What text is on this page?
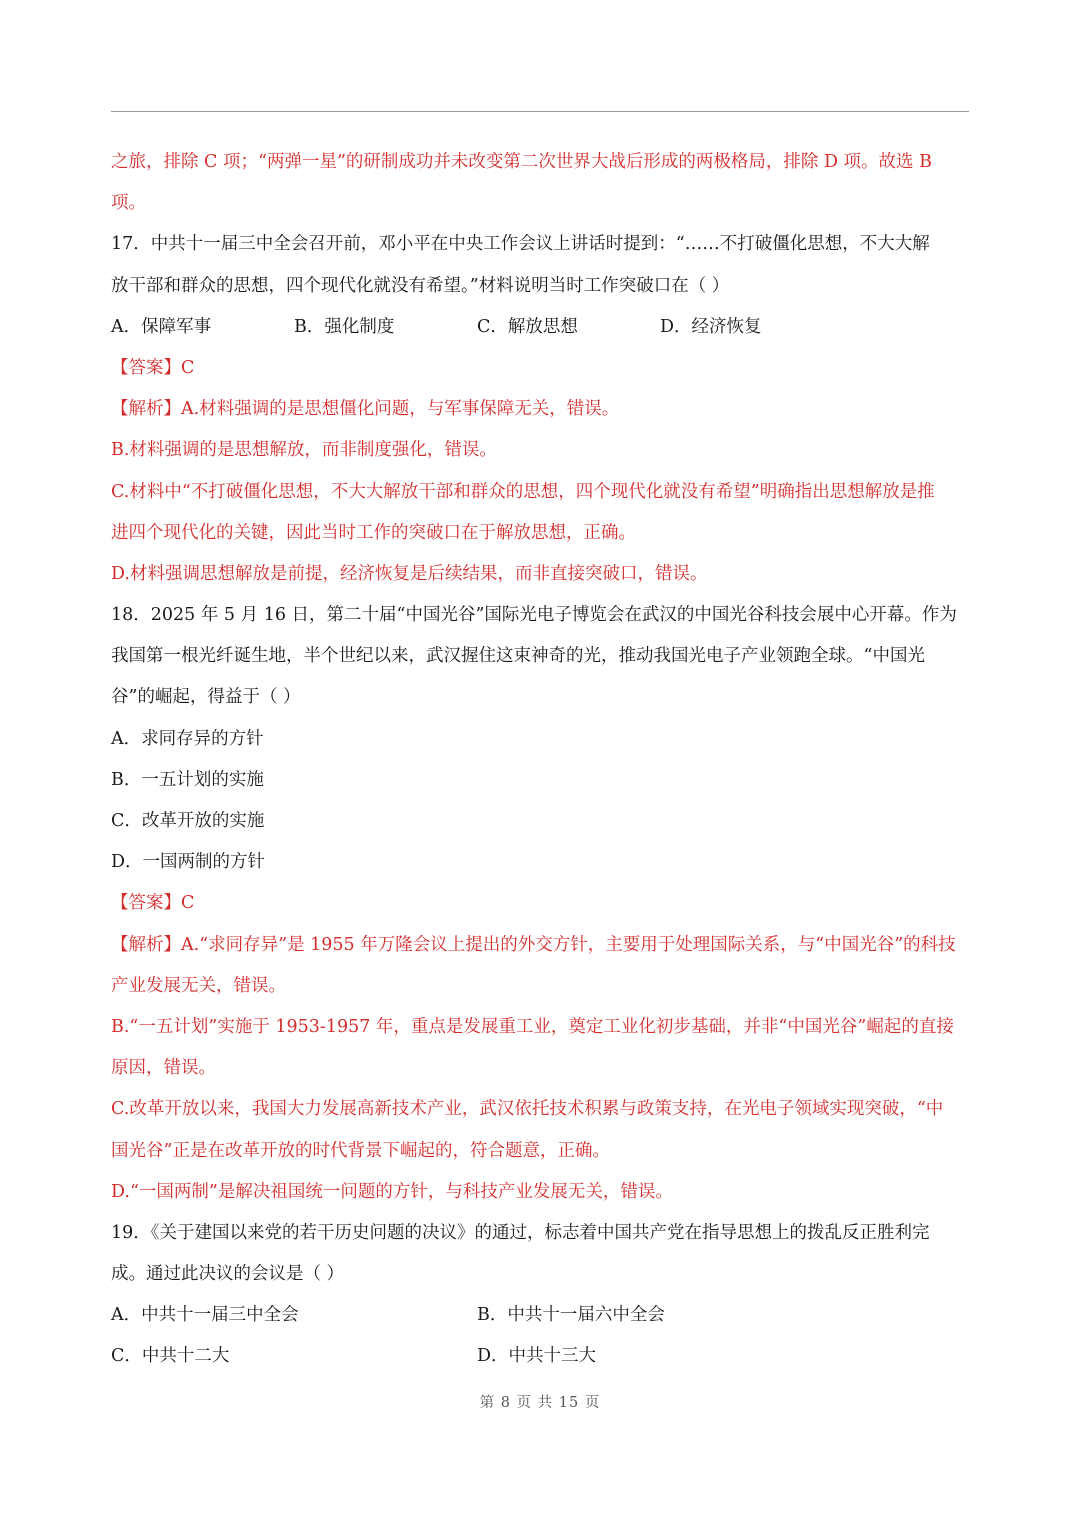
之旅，排除 C 项；“两弹一星”的研制成功并未改变第二次世界大战后形成的两极格局，排除 D 项。故选 B
项。
17．中共十一届三中全会召开前，邓小平在中央工作会议上讲话时提到：“……不打破僵化思想，不大大解
放干部和群众的思想，四个现代化就没有希望。”材料说明当时工作突破口在（ ）
A．保障军事	B．强化制度	C．解放思想	D．经济恢复
【答案】C
【解析】A.材料强调的是思想僵化问题，与军事保障无关，错误。
B.材料强调的是思想解放，而非制度强化，错误。
C.材料中“不打破僵化思想，不大大解放干部和群众的思想，四个现代化就没有希望”明确指出思想解放是推
进四个现代化的关键，因此当时工作的突破口在于解放思想，正确。
D.材料强调思想解放是前提，经济恢复是后续结果，而非直接突破口，错误。
18．2025 年 5 月 16 日，第二十届“中国光谷”国际光电子博览会在武汉的中国光谷科技会展中心开幕。作为
我国第一根光纤诞生地，半个世纪以来，武汉握住这束神奇的光，推动我国光电子产业领跑全球。“中国光
谷”的崛起，得益于（ ）
A．求同存异的方针
B．一五计划的实施
C．改革开放的实施
D．一国两制的方针
【答案】C
【解析】A.“求同存异”是 1955 年万隆会议上提出的外交方针，主要用于处理国际关系，与“中国光谷”的科技
产业发展无关，错误。
B.“一五计划”实施于 1953-1957 年，重点是发展重工业，奠定工业化初步基础，并非“中国光谷”崛起的直接
原因，错误。
C.改革开放以来，我国大力发展高新技术产业，武汉依托技术积累与政策支持，在光电子领域实现突破，“中
国光谷”正是在改革开放的时代背景下崛起的，符合题意，正确。
D.“一国两制”是解决祖国统一问题的方针，与科技产业发展无关，错误。
19．《关于建国以来党的若干历史问题的决议》的通过，标志着中国共产党在指导思想上的拨乱反正胜利完
成。通过此决议的会议是（ ）
A．中共十一届三中全会	B．中共十一届六中全会
C．中共十二大	D．中共十三大
第 8 页 共 15 页
